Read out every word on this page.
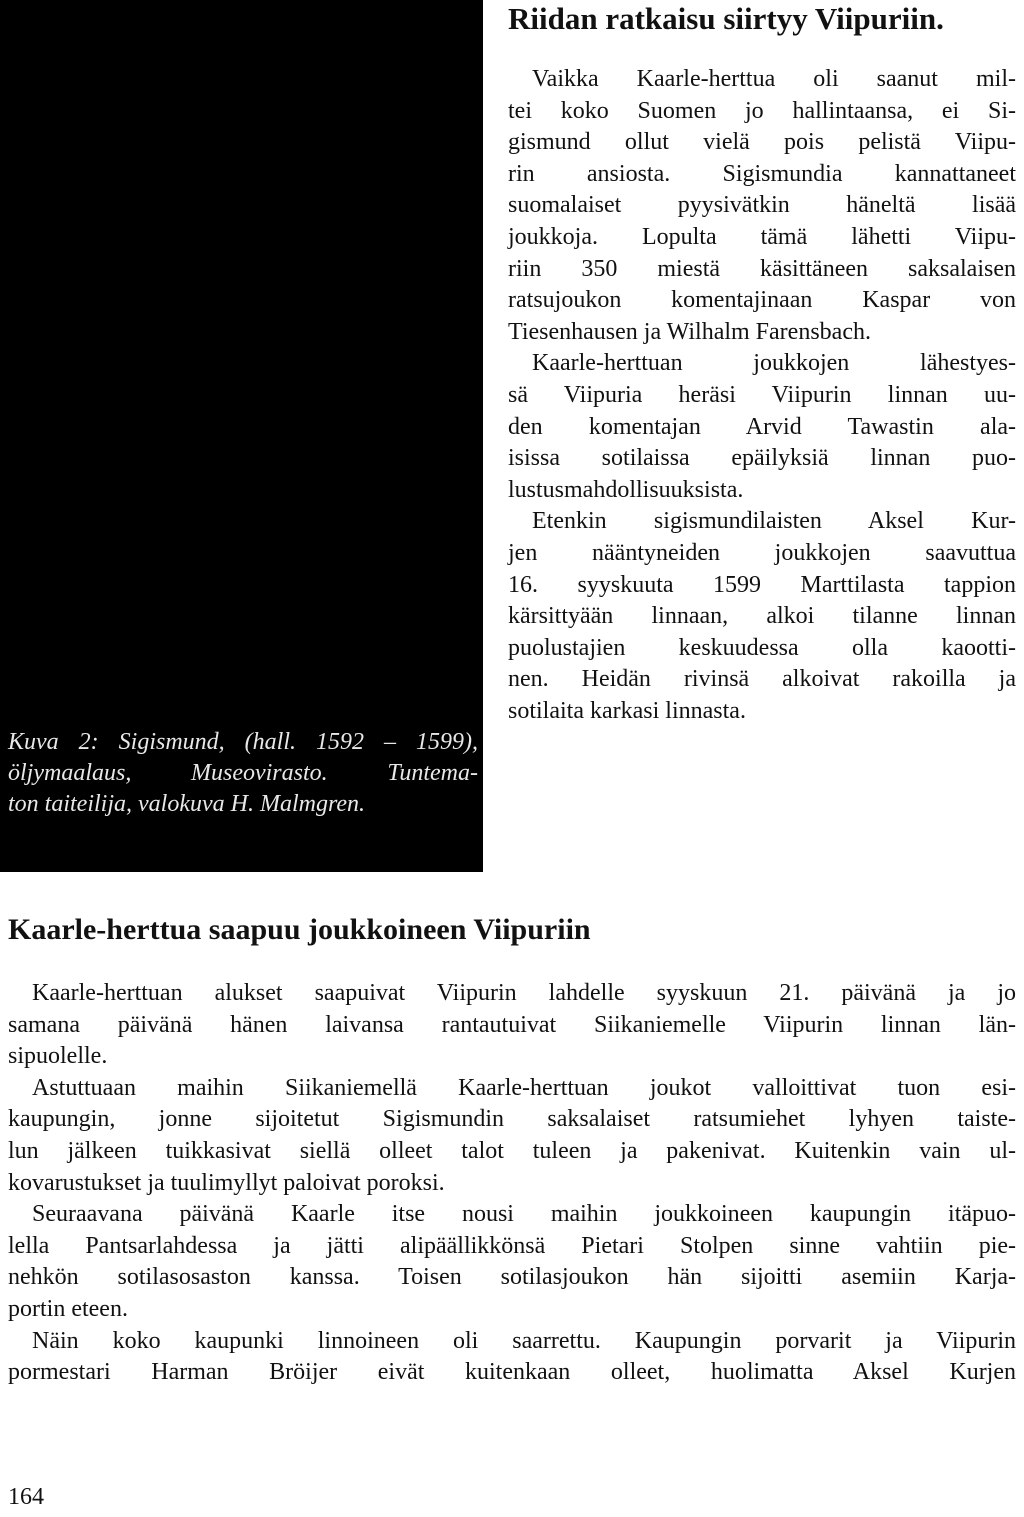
Kuva 2: Sigismund, (hall. 1592 – 1599),
öljymaalaus, Museovirasto. Tuntema-
ton taiteilija, valokuva H. Malmgren.
Riidan ratkaisu siirtyy Viipuriin.
Vaikka Kaarle-herttua oli saanut mil-
tei koko Suomen jo hallintaansa, ei Si-
gismund ollut vielä pois pelistä Viipu-
rin ansiosta. Sigismundia kannattaneet
suomalaiset pyysivätkin häneltä lisää
joukkoja. Lopulta tämä lähetti Viipu-
riin 350 miestä käsittäneen saksalaisen
ratsujoukon komentajinaan Kaspar von
Tiesenhausen ja Wilhalm Farensbach.
Kaarle-herttuan joukkojen lähestyes-
sä Viipuria heräsi Viipurin linnan uu-
den komentajan Arvid Tawastin ala-
isissa sotilaissa epäilyksiä linnan puo-
lustusmahdollisuuksista.
Etenkin sigismundilaisten Aksel Kur-
jen nääntyneiden joukkojen saavuttua
16. syyskuuta 1599 Marttilasta tappion
kärsittyään linnaan, alkoi tilanne linnan
puolustajien keskuudessa olla kaootti-
nen. Heidän rivinsä alkoivat rakoilla ja
sotilaita karkasi linnasta.
Kaarle-herttua saapuu joukkoineen Viipuriin
Kaarle-herttuan alukset saapuivat Viipurin lahdelle syyskuun 21. päivänä ja jo
samana päivänä hänen laivansa rantautuivat Siikaniemelle Viipurin linnan län-
sipuolelle.
Astuttuaan maihin Siikaniemellä Kaarle-herttuan joukot valloittivat tuon esi-
kaupungin, jonne sijoitetut Sigismundin saksalaiset ratsumiehet lyhyen taiste-
lun jälkeen tuikkasivat siellä olleet talot tuleen ja pakenivat. Kuitenkin vain ul-
kovarustukset ja tuulimyllyt paloivat poroksi.
Seuraavana päivänä Kaarle itse nousi maihin joukkoineen kaupungin itäpuo-
lella Pantsarlahdessa ja jätti alipäällikkönsä Pietari Stolpen sinne vahtiin pie-
nehkön sotilasosaston kanssa. Toisen sotilasjoukon hän sijoitti asemiin Karja-
portin eteen.
Näin koko kaupunki linnoineen oli saarrettu. Kaupungin porvarit ja Viipurin
pormestari Harman Bröijer eivät kuitenkaan olleet, huolimatta Aksel Kurjen
164
